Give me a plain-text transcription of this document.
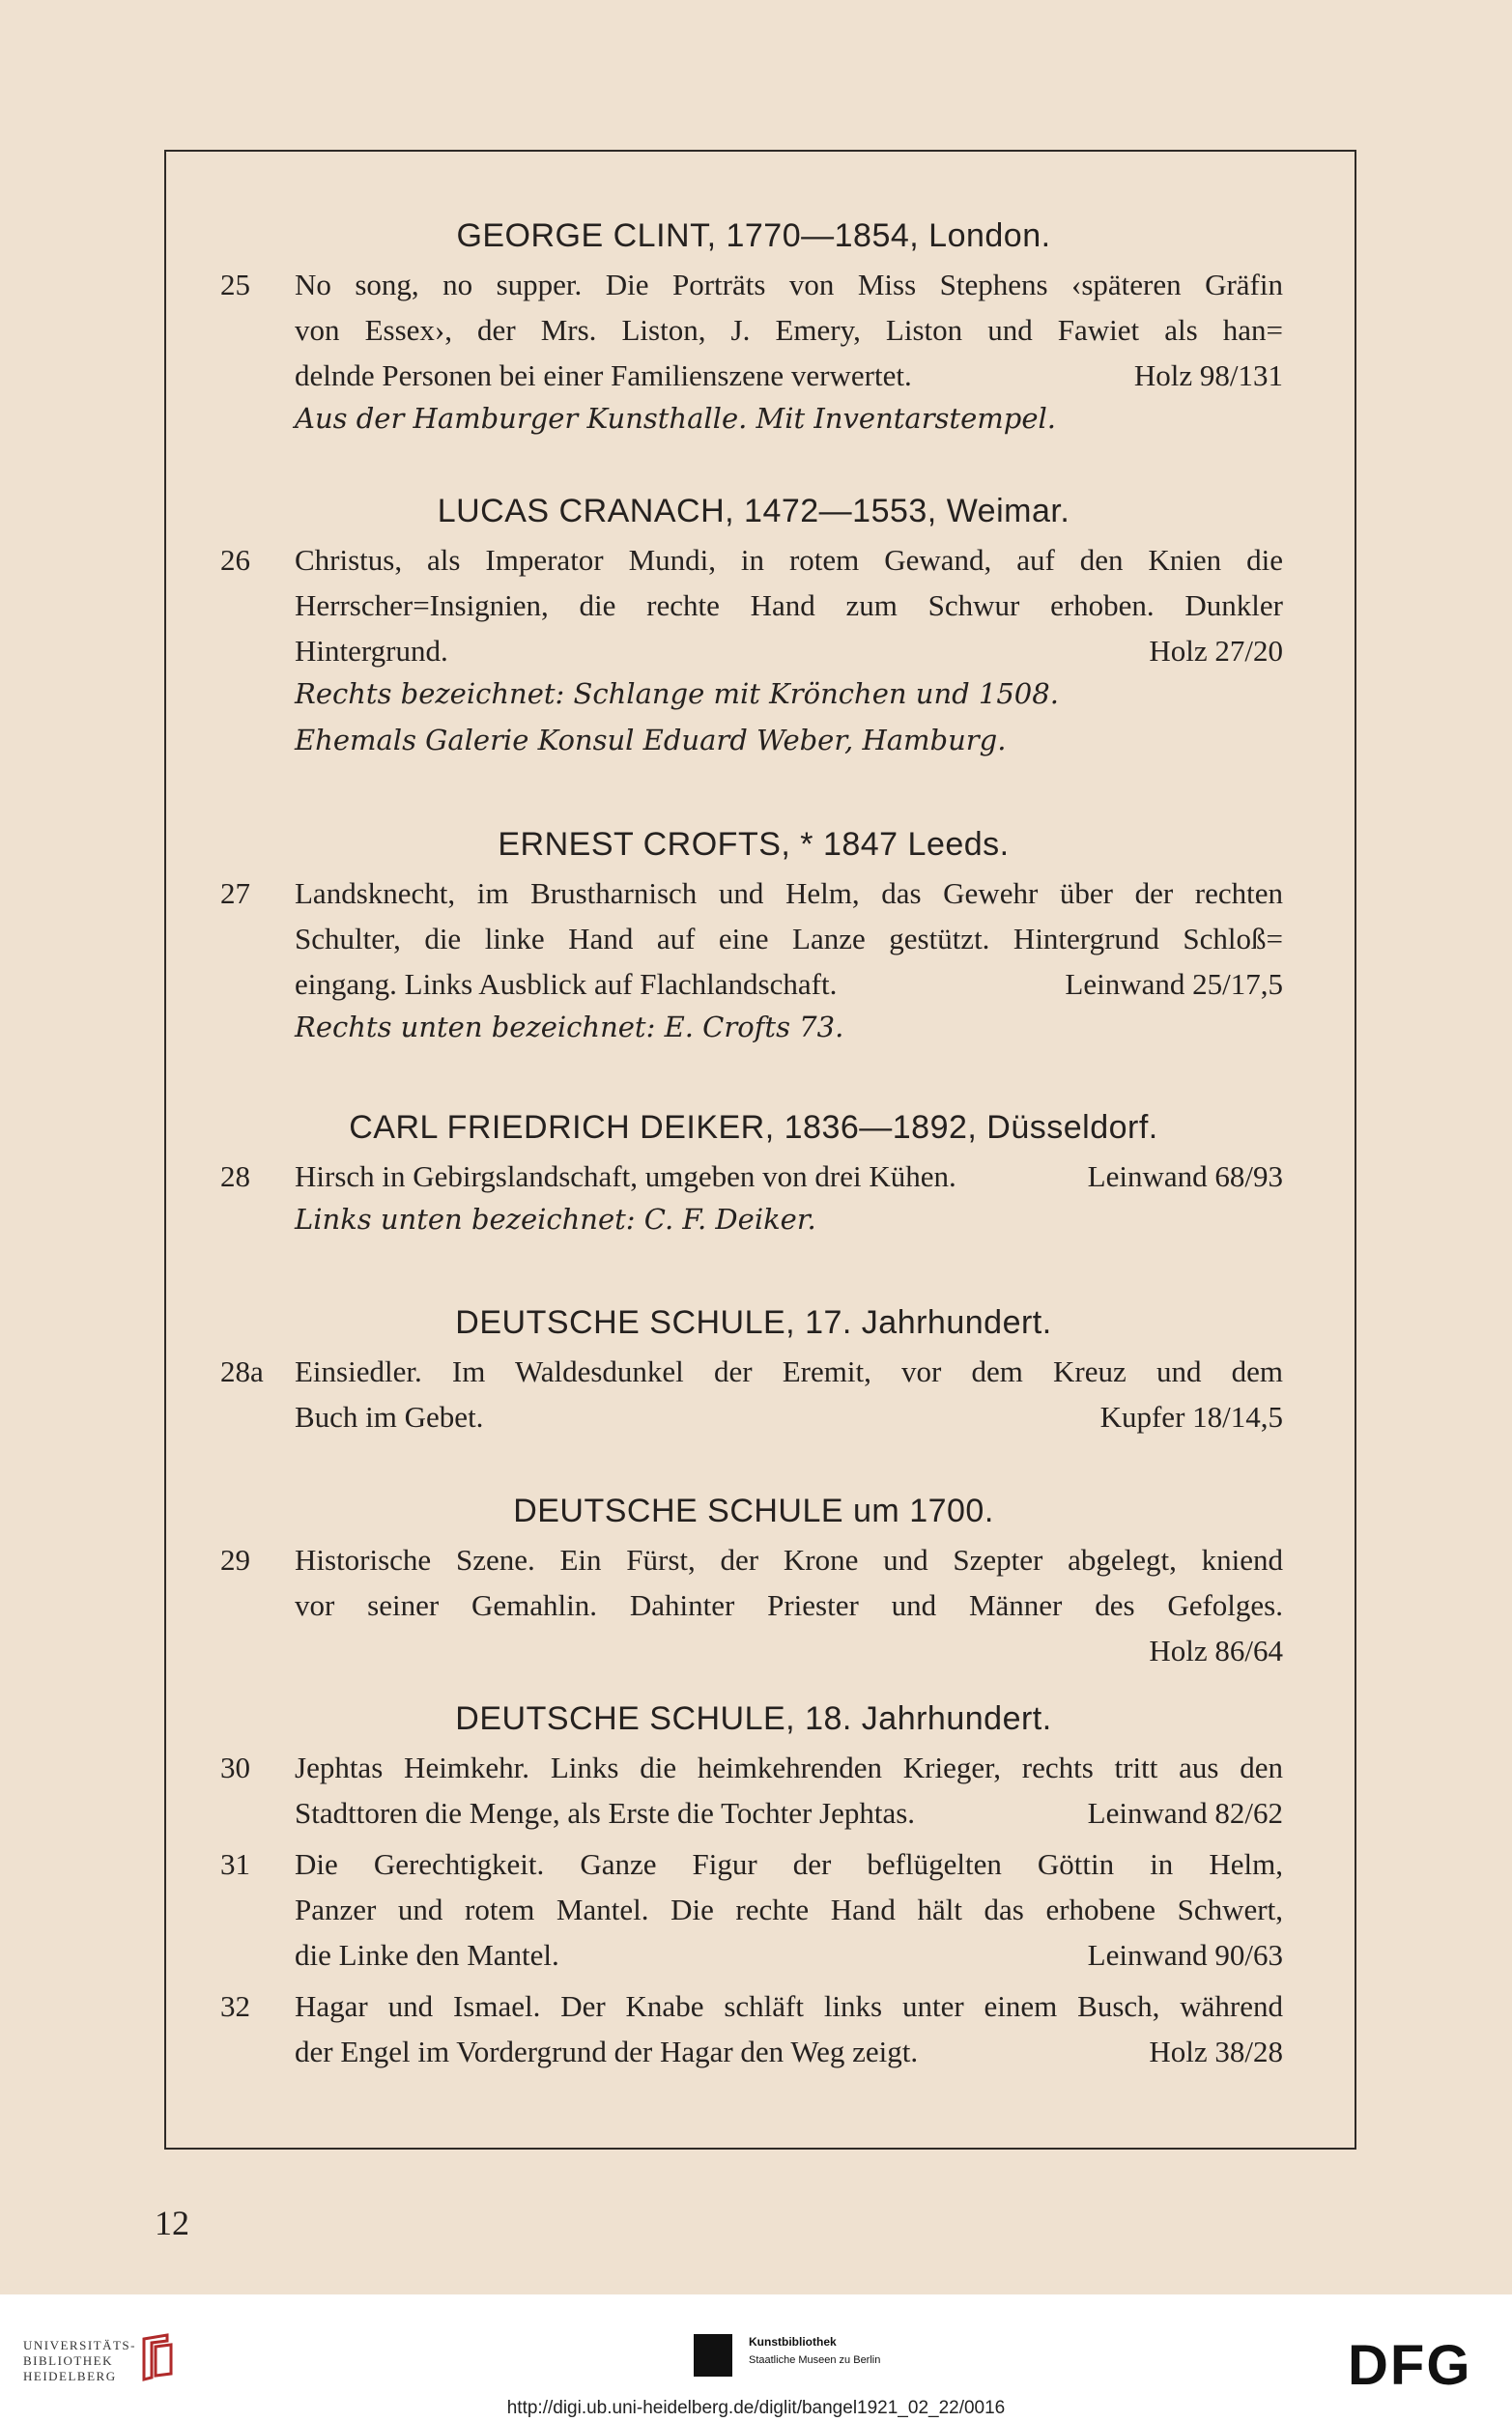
GEORGE CLINT, 1770—1854, London.
25	No song, no supper. Die Porträts von Miss Stephens ‹späteren Gräfin
von Essex›, der Mrs. Liston, J. Emery, Liston und Fawiet als han=
delnde Personen bei einer Familienszene verwertet.	Holz 98/131
Aus der Hamburger Kunsthalle. Mit Inventarstempel.
LUCAS CRANACH, 1472—1553, Weimar.
26	Christus, als Imperator Mundi, in rotem Gewand, auf den Knien die
Herrscher=Insignien, die rechte Hand zum Schwur erhoben. Dunkler
Hintergrund.	Holz 27/20
Rechts bezeichnet: Schlange mit Krönchen und 1508.
Ehemals Galerie Konsul Eduard Weber, Hamburg.
ERNEST CROFTS, * 1847 Leeds.
27	Landsknecht, im Brustharnisch und Helm, das Gewehr über der rechten
Schulter, die linke Hand auf eine Lanze gestützt. Hintergrund Schloß=
eingang. Links Ausblick auf Flachlandschaft.	Leinwand 25/17,5
Rechts unten bezeichnet: E. Crofts 73.
CARL FRIEDRICH DEIKER, 1836—1892, Düsseldorf.
28	Hirsch in Gebirgslandschaft, umgeben von drei Kühen.	Leinwand 68/93
Links unten bezeichnet: C. F. Deiker.
DEUTSCHE SCHULE, 17. Jahrhundert.
28a	Einsiedler. Im Waldesdunkel der Eremit, vor dem Kreuz und dem
Buch im Gebet.	Kupfer 18/14,5
DEUTSCHE SCHULE um 1700.
29	Historische Szene. Ein Fürst, der Krone und Szepter abgelegt, kniend
vor seiner Gemahlin. Dahinter Priester und Männer des Gefolges.
Holz 86/64
DEUTSCHE SCHULE, 18. Jahrhundert.
30	Jephtas Heimkehr. Links die heimkehrenden Krieger, rechts tritt aus den
Stadttoren die Menge, als Erste die Tochter Jephtas.	Leinwand 82/62
31	Die Gerechtigkeit. Ganze Figur der beflügelten Göttin in Helm,
Panzer und rotem Mantel. Die rechte Hand hält das erhobene Schwert,
die Linke den Mantel.	Leinwand 90/63
32	Hagar und Ismael. Der Knabe schläft links unter einem Busch, während
der Engel im Vordergrund der Hagar den Weg zeigt.	Holz 38/28
12
UNIVERSITÄTS-
BIBLIOTHEK
HEIDELBERG
Kunstbibliothek
Staatliche Museen zu Berlin	DFG
http://digi.ub.uni-heidelberg.de/diglit/bangel1921_02_22/0016
